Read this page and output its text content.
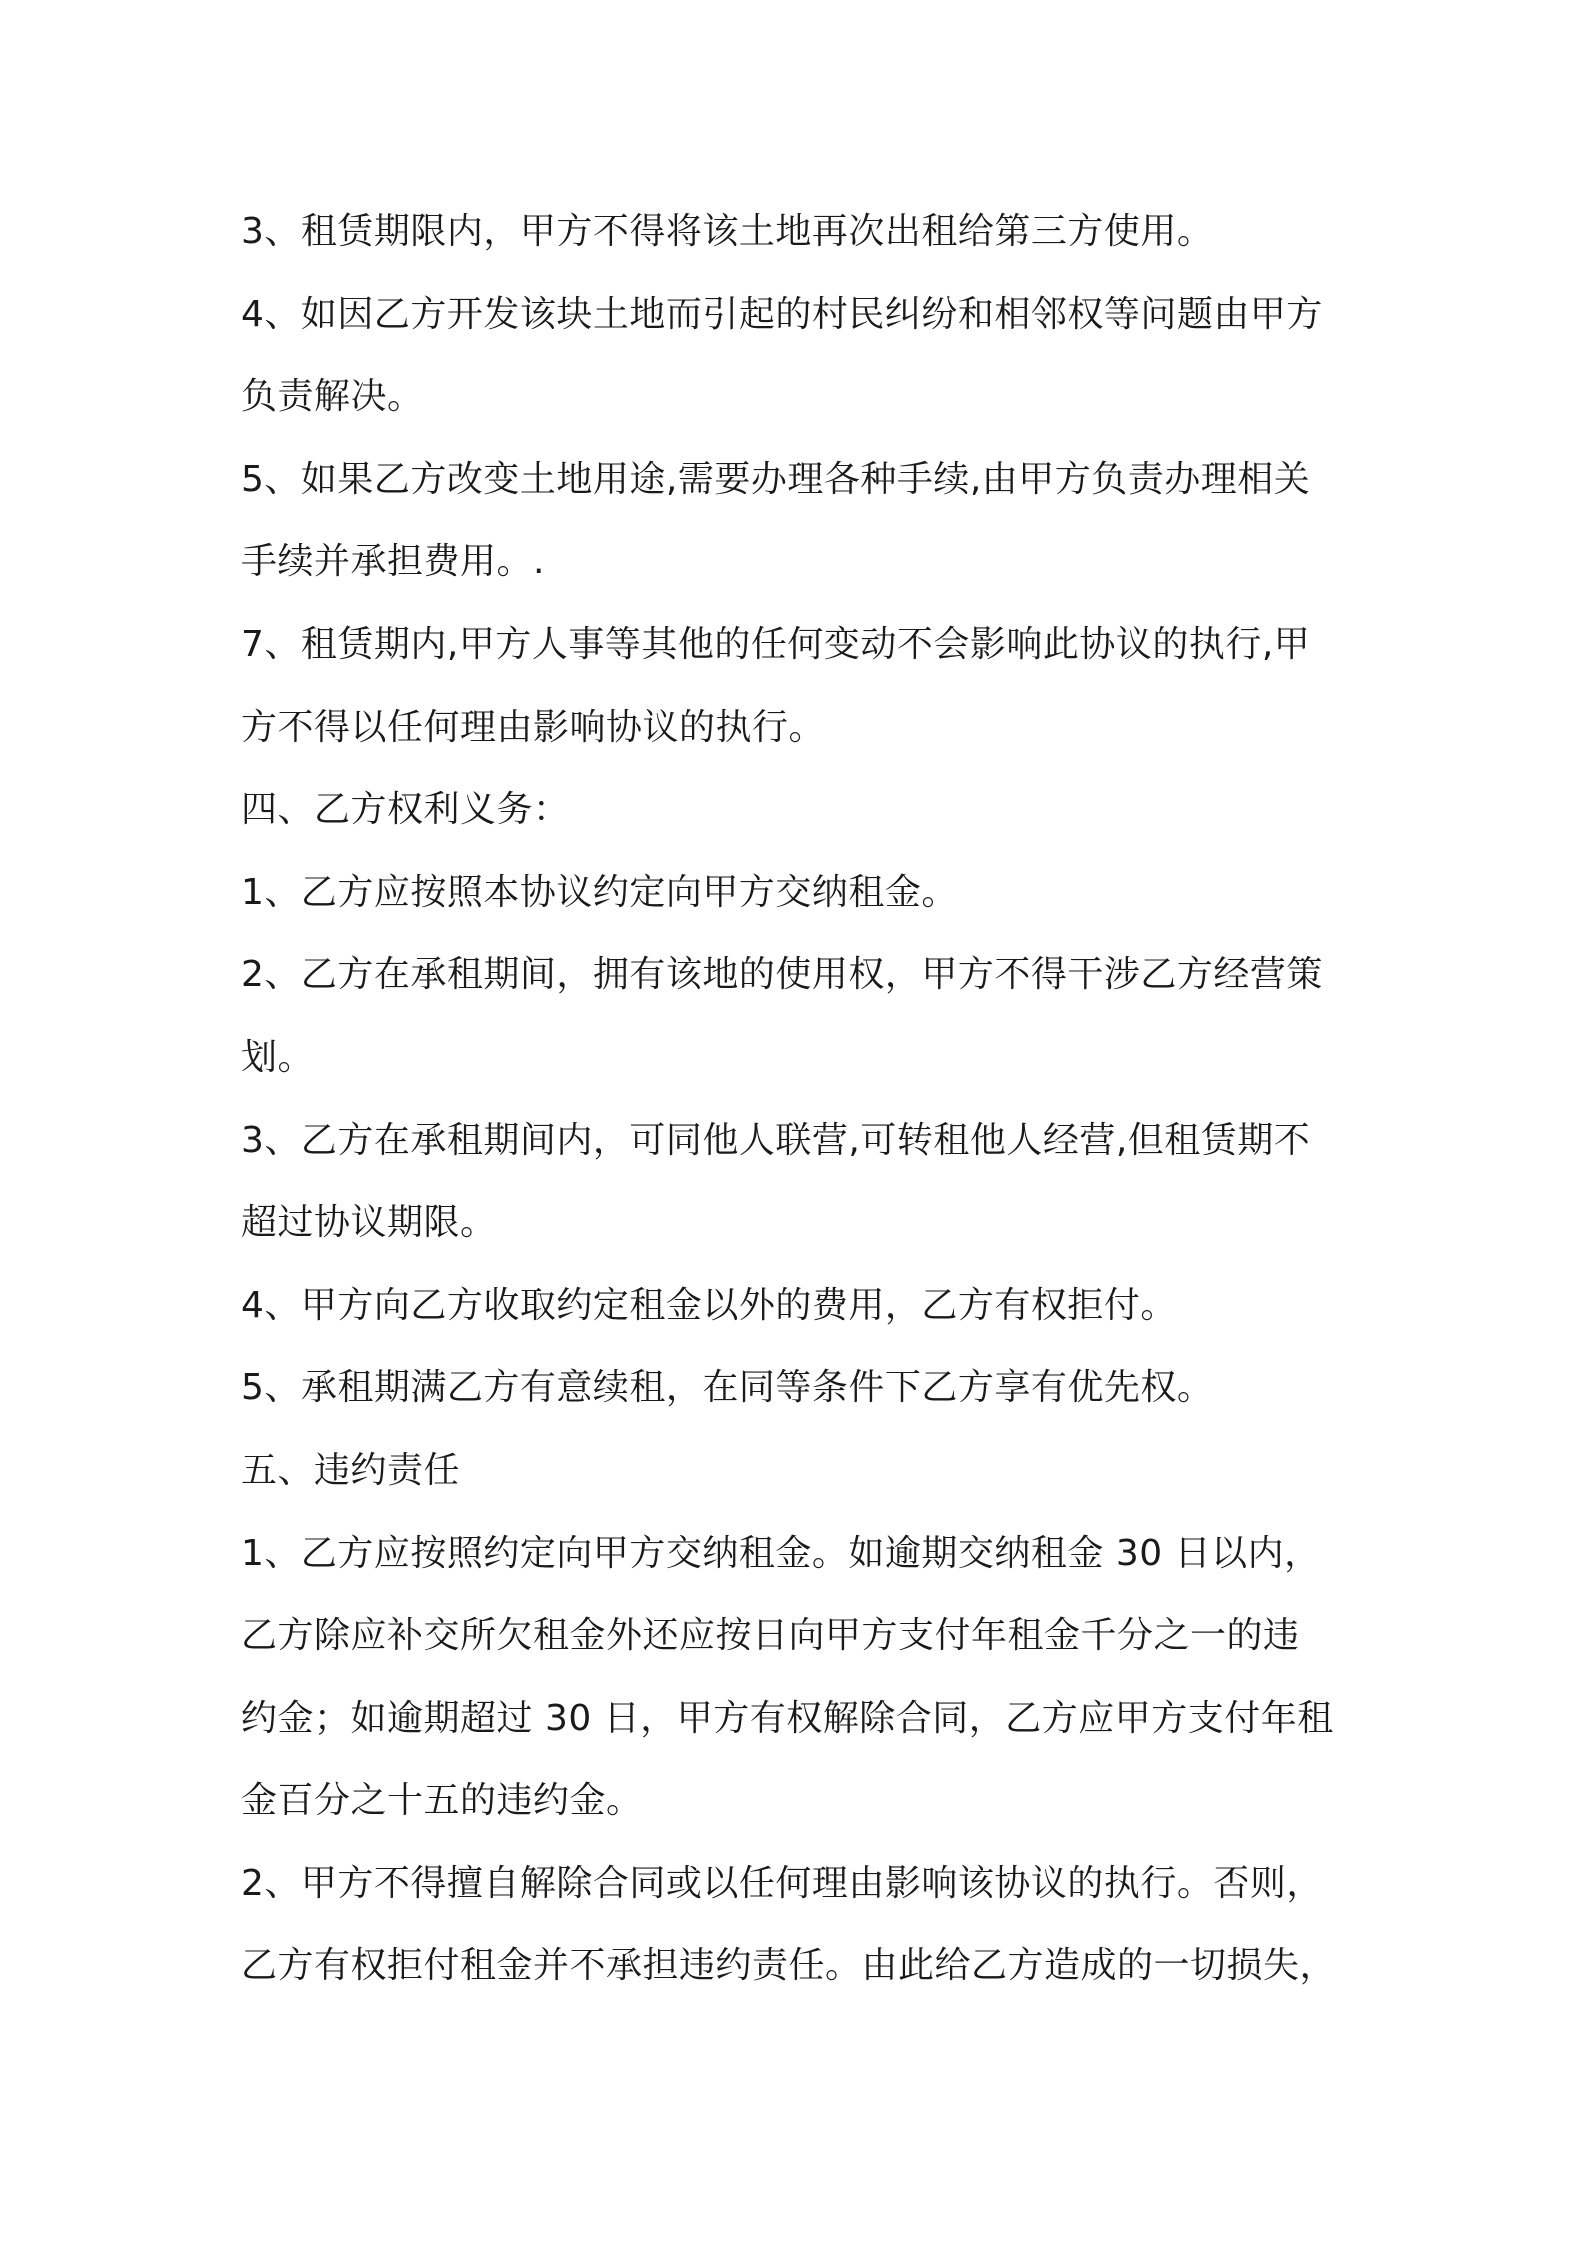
3、租赁期限内，甲方不得将该土地再次出租给第三方使用。
4、如因乙方开发该块土地而引起的村民纠纷和相邻权等问题由甲方
负责解决。
5、如果乙方改变土地用途,需要办理各种手续,由甲方负责办理相关
手续并承担费用。.
7、租赁期内,甲方人事等其他的任何变动不会影响此协议的执行,甲
方不得以任何理由影响协议的执行。
四、乙方权利义务：
1、乙方应按照本协议约定向甲方交纳租金。
2、乙方在承租期间，拥有该地的使用权，甲方不得干涉乙方经营策
划。
3、乙方在承租期间内，可同他人联营,可转租他人经营,但租赁期不
超过协议期限。
4、甲方向乙方收取约定租金以外的费用，乙方有权拒付。
5、承租期满乙方有意续租，在同等条件下乙方享有优先权。
五、违约责任
1、乙方应按照约定向甲方交纳租金。如逾期交纳租金 30 日以内，
乙方除应补交所欠租金外还应按日向甲方支付年租金千分之一的违
约金；如逾期超过 30 日，甲方有权解除合同，乙方应甲方支付年租
金百分之十五的违约金。
2、甲方不得擅自解除合同或以任何理由影响该协议的执行。否则，
乙方有权拒付租金并不承担违约责任。由此给乙方造成的一切损失，
